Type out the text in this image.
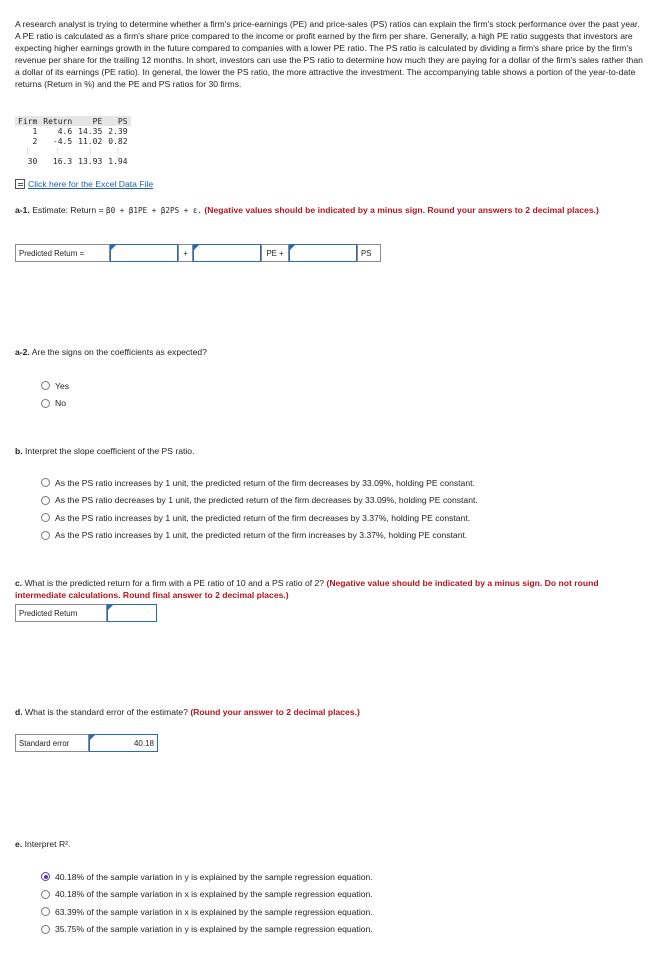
A research analyst is trying to determine whether a firm's price-earnings (PE) and price-sales (PS) ratios can explain the firm's stock performance over the past year. A PE ratio is calculated as a firm's share price compared to the income or profit earned by the firm per share. Generally, a high PE ratio suggests that investors are expecting higher earnings growth in the future compared to companies with a lower PE ratio. The PS ratio is calculated by dividing a firm's share price by the firm's revenue per share for the trailing 12 months. In short, investors can use the PS ratio to determine how much they are paying for a dollar of the firm's sales rather than a dollar of its earnings (PE ratio). In general, the lower the PS ratio, the more attractive the investment. The accompanying table shows a portion of the year-to-date returns (Return in %) and the PE and PS ratios for 30 firms.
Firm	Return	PE	PS
1	4.6	14.35	2.39
2	-4.5	11.02	0.82
⋮	⋮	⋮	⋮
30	16.3	13.93	1.94
Click here for the Excel Data File
a-1. Estimate: Return = β0 + β1PE + β2PS + ε. (Negative values should be indicated by a minus sign. Round your answers to 2 decimal places.)
Predicted Return =	+	PE +	PS
a-2. Are the signs on the coefficients as expected?
Yes
No
b. Interpret the slope coefficient of the PS ratio.
As the PS ratio increases by 1 unit, the predicted return of the firm decreases by 33.09%, holding PE constant.
As the PS ratio decreases by 1 unit, the predicted return of the firm decreases by 33.09%, holding PE constant.
As the PS ratio increases by 1 unit, the predicted return of the firm decreases by 3.37%, holding PE constant.
As the PS ratio increases by 1 unit, the predicted return of the firm increases by 3.37%, holding PE constant.
c. What is the predicted return for a firm with a PE ratio of 10 and a PS ratio of 2? (Negative value should be indicated by a minus sign. Do not round intermediate calculations. Round final answer to 2 decimal places.)
Predicted Return
d. What is the standard error of the estimate? (Round your answer to 2 decimal places.)
Standard error	40.18
e. Interpret R².
40.18% of the sample variation in y is explained by the sample regression equation.
40.18% of the sample variation in x is explained by the sample regression equation.
63.39% of the sample variation in x is explained by the sample regression equation.
35.75% of the sample variation in y is explained by the sample regression equation.
